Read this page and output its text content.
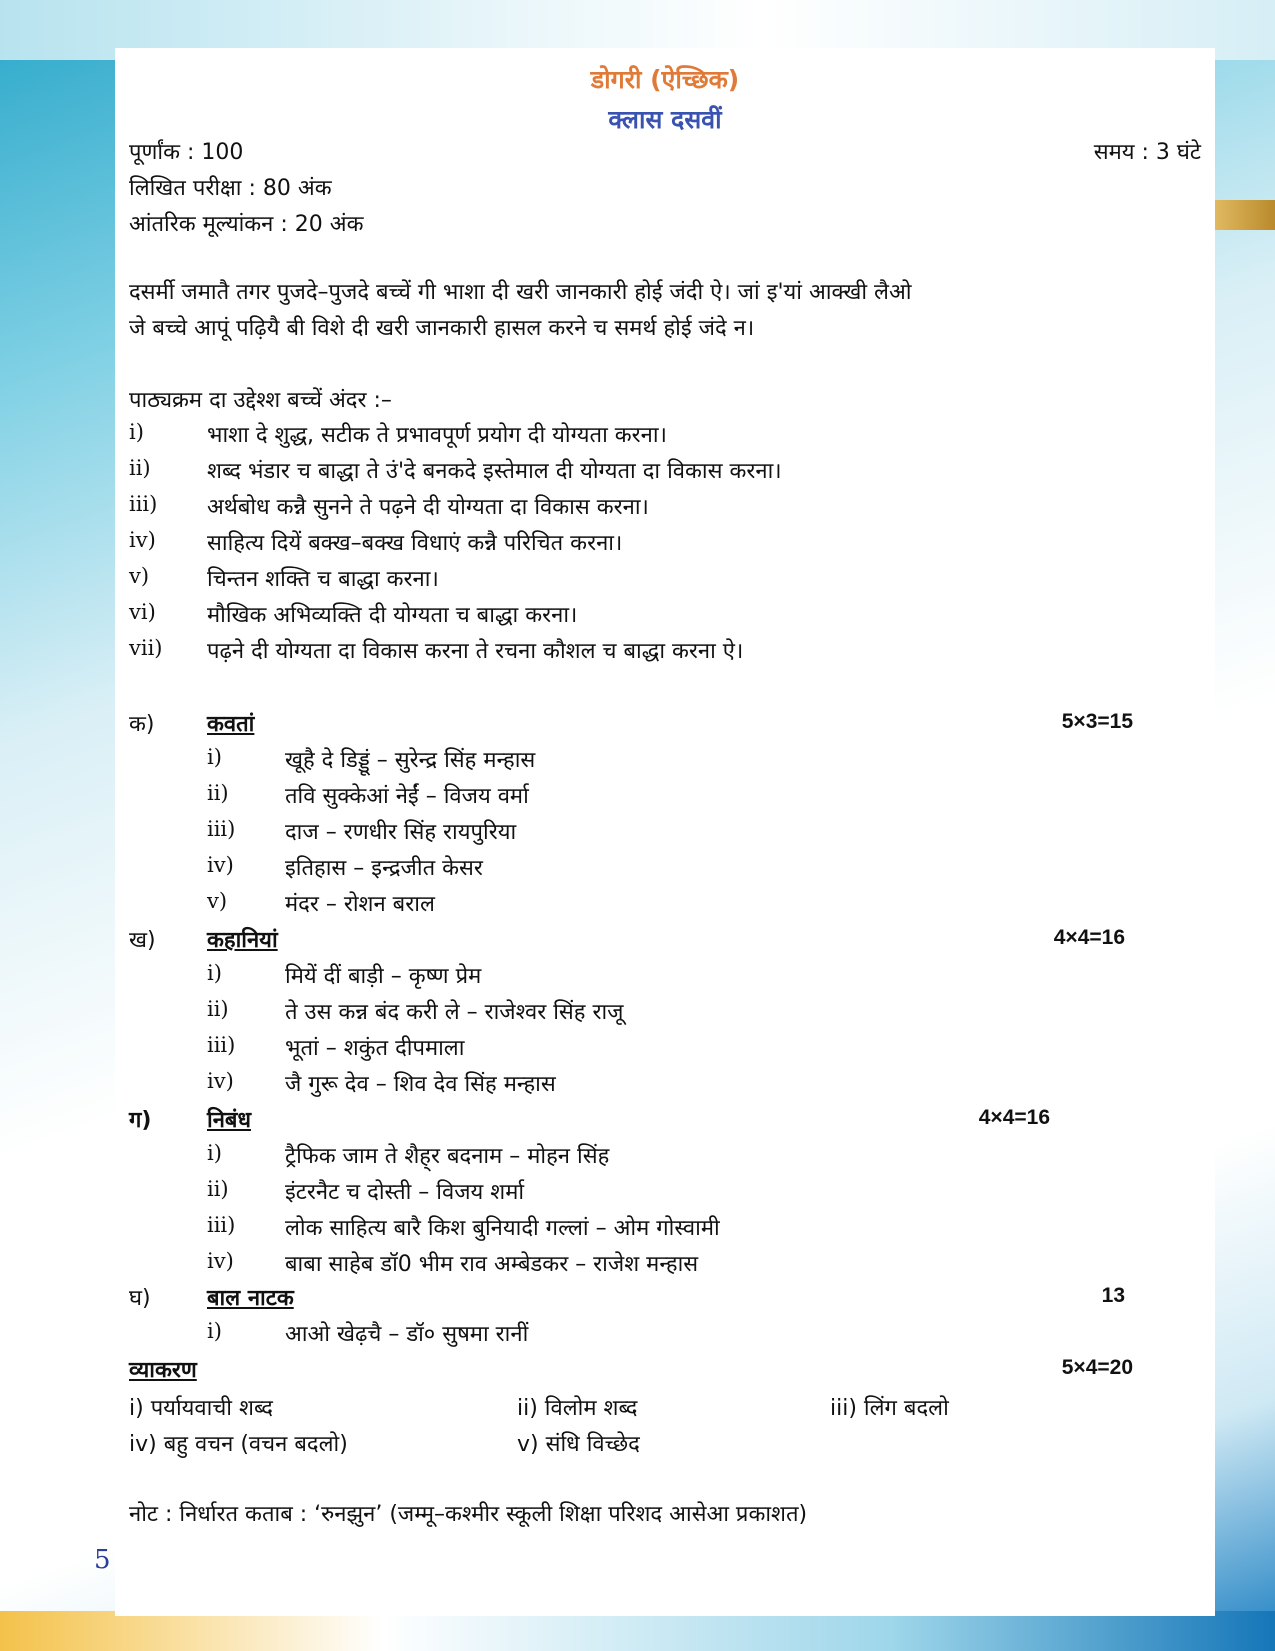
5
डोगरी (ऐच्छिक)
क्लास दसवीं
पूर्णांक : 100	समय : 3 घंटे
लिखित परीक्षा : 80 अंक
आंतरिक मूल्यांकन : 20 अंक
दसर्मी जमातै तगर पुजदे–पुजदे बच्चें गी भाशा दी खरी जानकारी होई जंदी ऐ। जां इ'यां आक्खी लैओ
जे बच्चे आपूं पढ़ियै बी विशे दी खरी जानकारी हासल करने च समर्थ होई जंदे न।
पाठ्यक्रम दा उद्देश्श बच्चें अंदर :–
i)	भाशा दे शुद्ध, सटीक ते प्रभावपूर्ण प्रयोग दी योग्यता करना।
ii)	शब्द भंडार च बाद्धा ते उं'दे बनकदे इस्तेमाल दी योग्यता दा विकास करना।
iii) अर्थबोध कन्नै सुनने ते पढ़ने दी योग्यता दा विकास करना।
iv) साहित्य दियें बक्ख–बक्ख विधाएं कन्नै परिचित करना।
v)	चिन्तन शक्ति च बाद्धा करना।
vi) मौखिक अभिव्यक्ति दी योग्यता च बाद्धा करना।
vii) पढ़ने दी योग्यता दा विकास करना ते रचना कौशल च बाद्धा करना ऐ।
क) कवतां	5×3=15
i)	खूहै दे डिड्डूं – सुरेन्द्र सिंह मन्हास
ii)	तवि सुक्केआं नेईं – विजय वर्मा
iii) दाज – रणधीर सिंह रायपुरिया
iv) इतिहास – इन्द्रजीत केसर
v)	मंदर – रोशन बराल
ख) कहानियां	4×4=16
i)	मियें दीं बाड़ी – कृष्ण प्रेम
ii)	ते उस कन्न बंद करी ले – राजेश्वर सिंह राजू
iii) भूतां – शकुंत दीपमाला
iv) जै गुरू देव – शिव देव सिंह मन्हास
ग)	निबंध	4×4=16
i)	ट्रैफिक जाम ते शैह्‌र बदनाम – मोहन सिंह
ii)	इंटरनैट च दोस्ती – विजय शर्मा
iii) लोक साहित्य बारै किश बुनियादी गल्लां – ओम गोस्वामी
iv) बाबा साहेब डॉ0 भीम राव अम्बेडकर – राजेश मन्हास
घ)	बाल नाटक	13
i)	आओ खेढ़चै – डॉ० सुषमा रानीं
व्याकरण	5×4=20
i) पर्यायवाची शब्द	ii) विलोम शब्द	iii) लिंग बदलो
iv) बहु वचन (वचन बदलो)	v) संधि विच्छेद
नोट : निर्धारत कताब : ‘रुनझुन’ (जम्मू–कश्मीर स्कूली शिक्षा परिशद आसेआ प्रकाशत)
